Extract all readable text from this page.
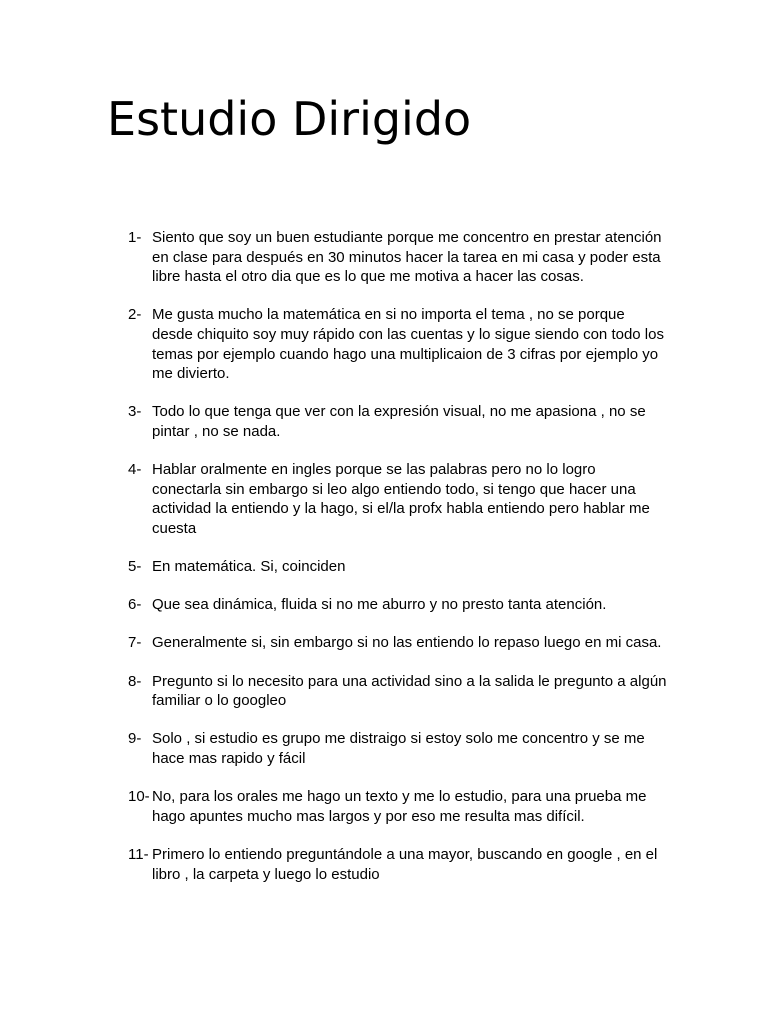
Estudio Dirigido
1- Siento que soy un buen estudiante porque me concentro en prestar atención en clase para después en 30 minutos hacer la tarea en mi casa y poder esta libre hasta el otro dia que es lo que me motiva a hacer las cosas.
2- Me gusta mucho la matemática en si no importa el tema , no se porque desde chiquito soy muy rápido con las cuentas y lo sigue siendo con todo los temas por ejemplo cuando hago una multiplicaion de 3 cifras por ejemplo yo me divierto.
3- Todo lo que tenga que ver con la expresión visual, no me apasiona , no se pintar , no se nada.
4- Hablar oralmente en ingles porque se las palabras pero no lo logro conectarla sin embargo si leo algo entiendo todo, si tengo que hacer una actividad la entiendo y la hago, si el/la profx habla entiendo pero hablar me cuesta
5- En matemática. Si, coinciden
6- Que sea dinámica, fluida si no me aburro y no presto tanta atención.
7- Generalmente si, sin embargo si no las entiendo lo repaso luego en mi casa.
8- Pregunto si lo necesito para una actividad sino a la salida le pregunto a algún familiar o lo googleo
9- Solo , si estudio es grupo me distraigo si estoy solo me concentro y se me hace mas rapido y fácil
10- No, para los orales me hago un texto y me lo estudio, para una prueba me hago apuntes mucho mas largos y por eso me resulta mas difícil.
11- Primero lo entiendo preguntándole a una mayor, buscando en google , en el libro , la carpeta y luego lo estudio
